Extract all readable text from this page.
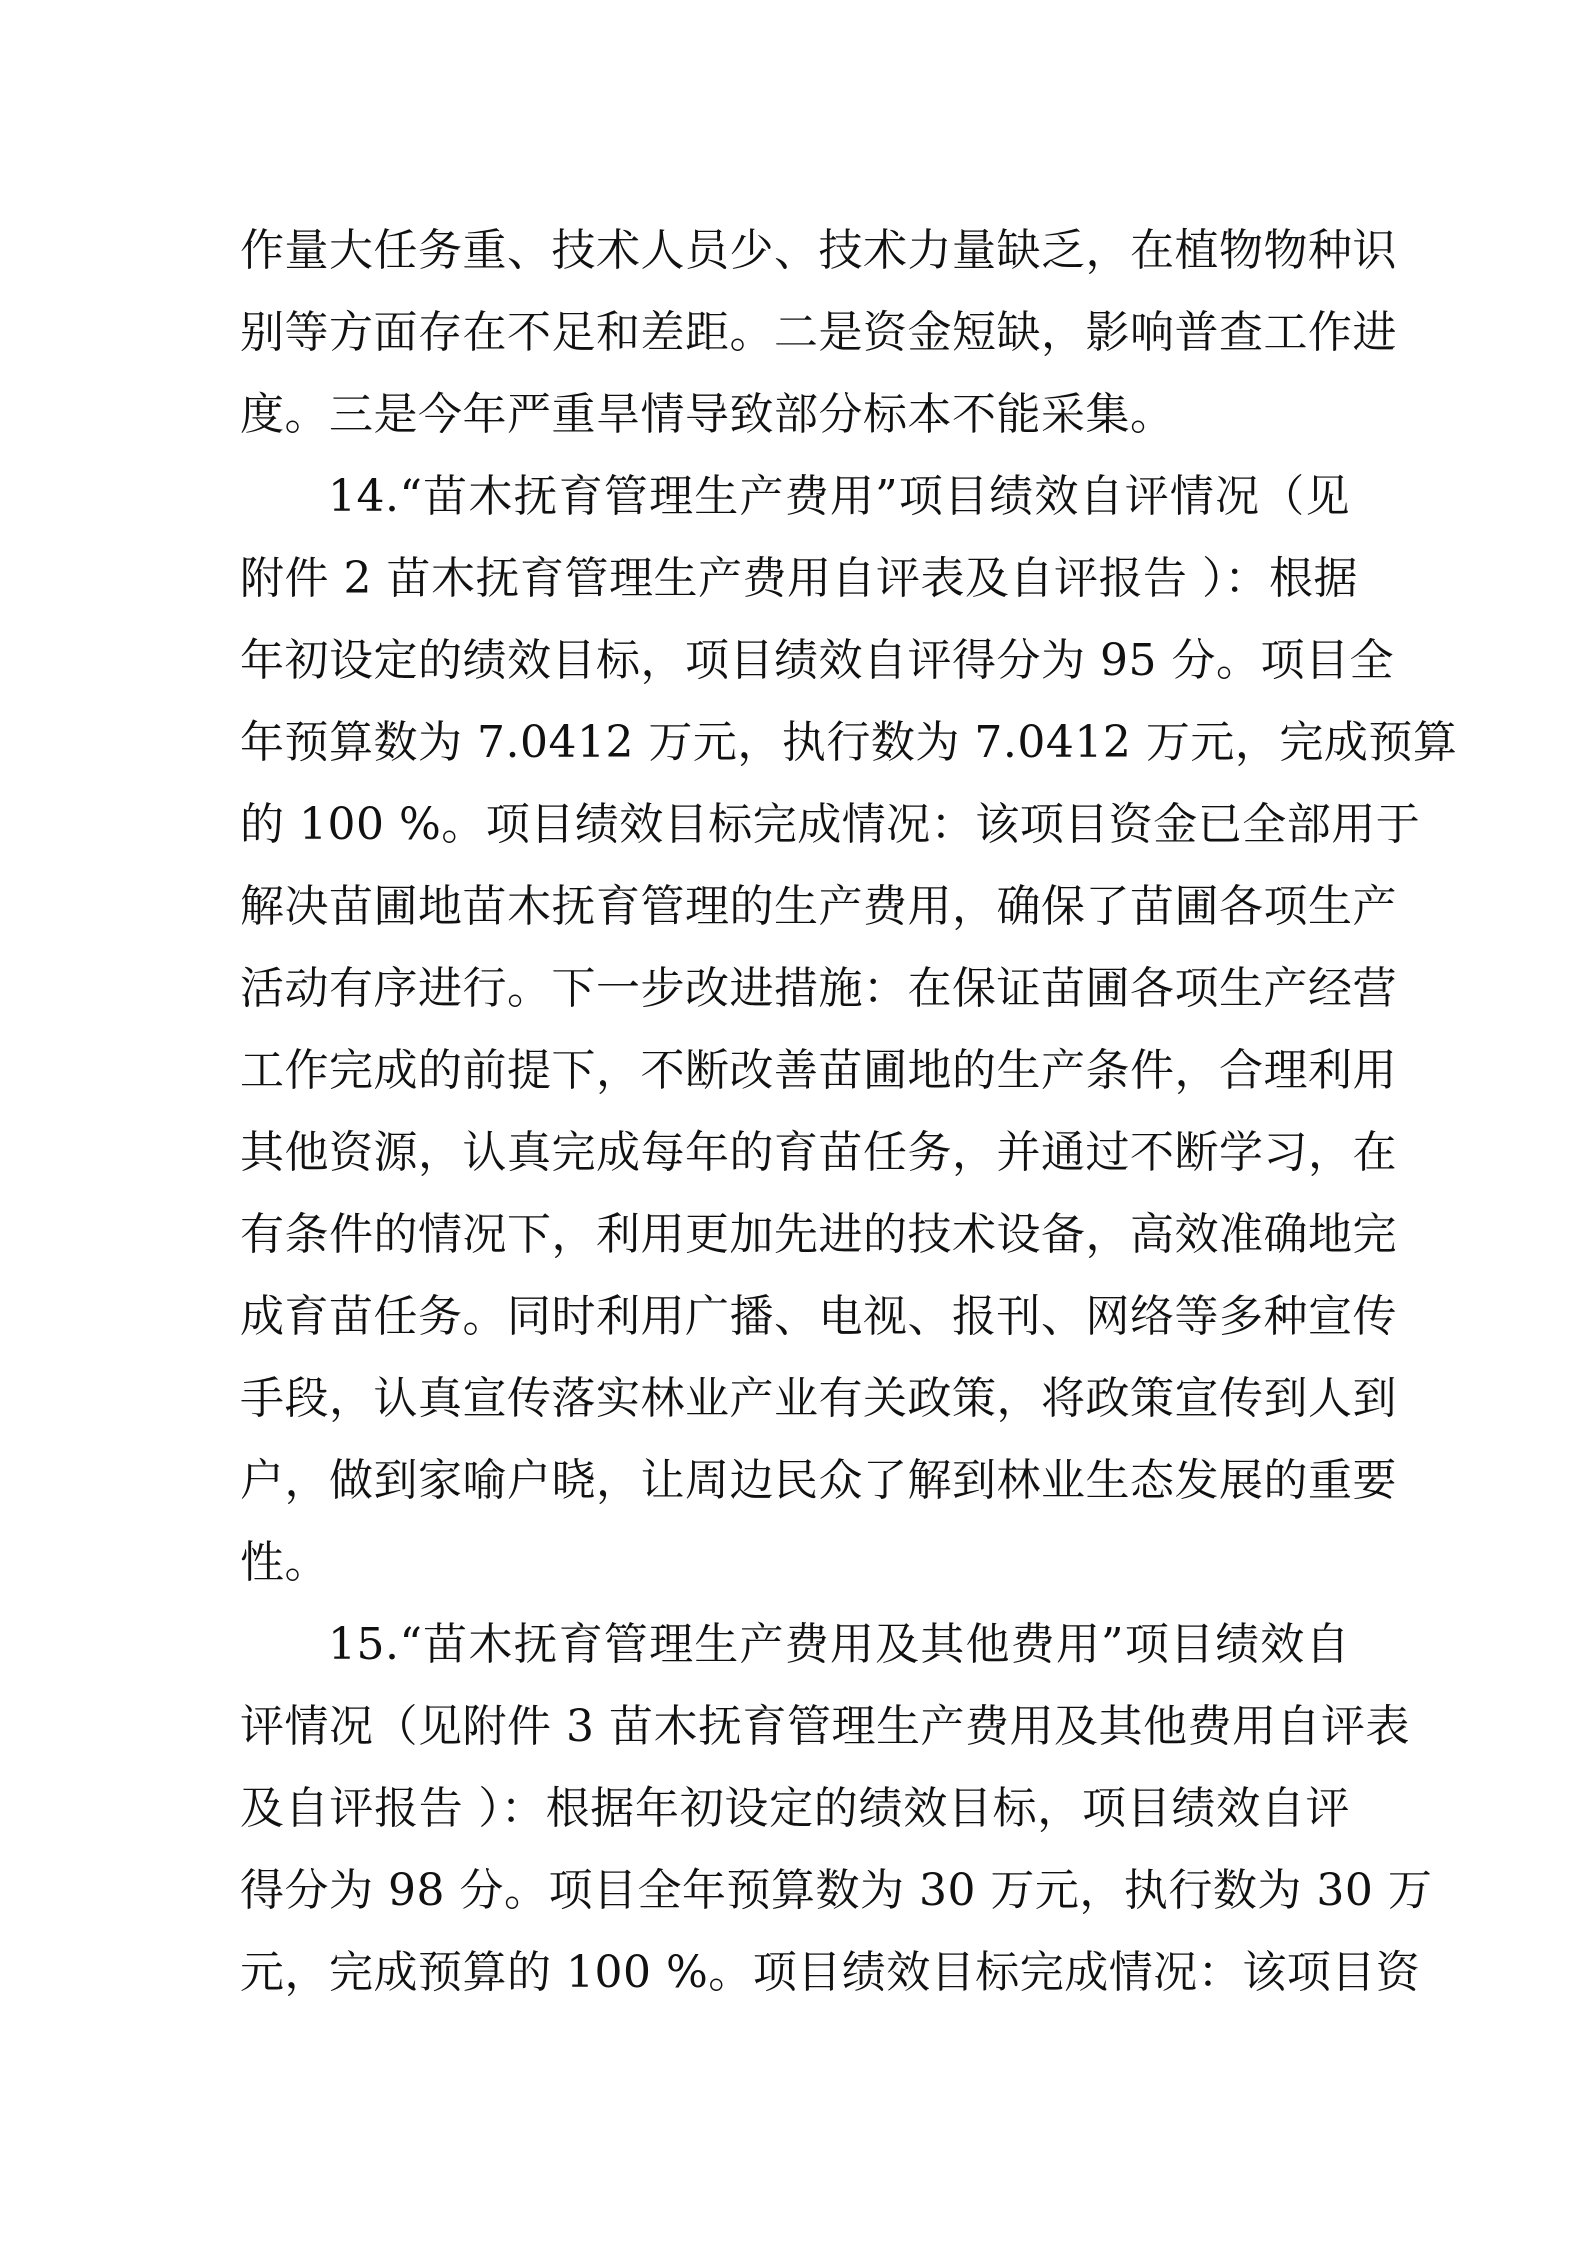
作量大任务重、技术人员少、技术力量缺乏，在植物物种识
别等方面存在不足和差距。二是资金短缺，影响普查工作进
度。三是今年严重旱情导致部分标本不能采集。
14.“苗木抚育管理生产费用”项目绩效自评情况（见
附件 2 苗木抚育管理生产费用自评表及自评报告 ）：根据
年初设定的绩效目标，项目绩效自评得分为 95 分。项目全
年预算数为 7.0412 万元，执行数为 7.0412 万元，完成预算
的 100 %。项目绩效目标完成情况：该项目资金已全部用于
解决苗圃地苗木抚育管理的生产费用，确保了苗圃各项生产
活动有序进行。下一步改进措施：在保证苗圃各项生产经营
工作完成的前提下，不断改善苗圃地的生产条件，合理利用
其他资源，认真完成每年的育苗任务，并通过不断学习，在
有条件的情况下，利用更加先进的技术设备，高效准确地完
成育苗任务。同时利用广播、电视、报刊、网络等多种宣传
手段，认真宣传落实林业产业有关政策，将政策宣传到人到
户，做到家喻户晓，让周边民众了解到林业生态发展的重要
性。
15.“苗木抚育管理生产费用及其他费用”项目绩效自
评情况（见附件 3 苗木抚育管理生产费用及其他费用自评表
及自评报告 ）：根据年初设定的绩效目标，项目绩效自评
得分为 98 分。项目全年预算数为 30 万元，执行数为 30 万
元，完成预算的 100 %。项目绩效目标完成情况：该项目资
